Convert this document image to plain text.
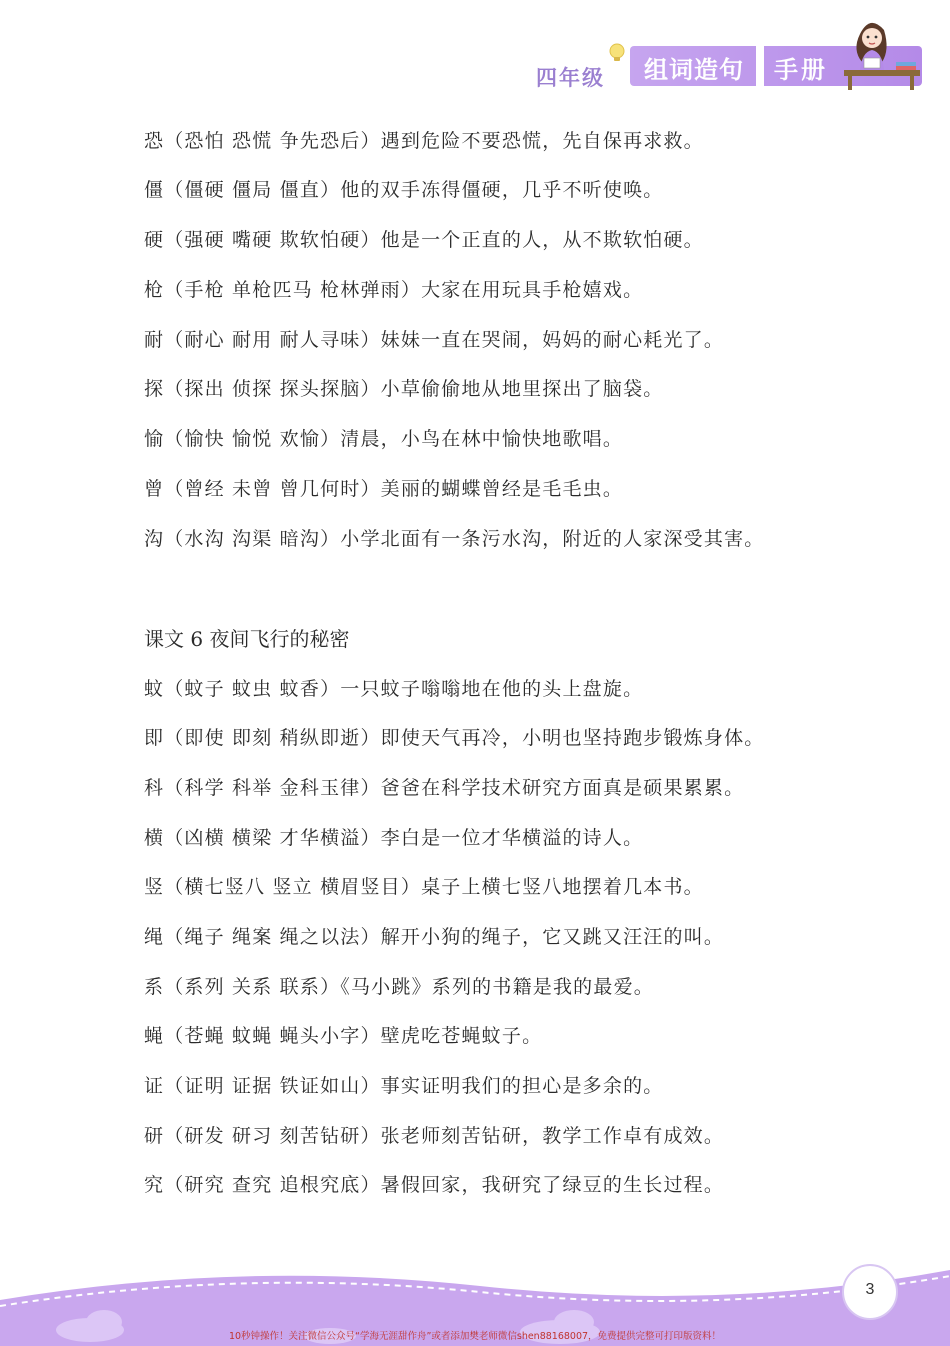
四年级 组词造句 手册
恐（恐怕 恐慌 争先恐后）遇到危险不要恐慌，先自保再求救。
僵（僵硬 僵局 僵直）他的双手冻得僵硬，几乎不听使唤。
硬（强硬 嘴硬 欺软怕硬）他是一个正直的人，从不欺软怕硬。
枪（手枪 单枪匹马 枪林弹雨）大家在用玩具手枪嬉戏。
耐（耐心 耐用 耐人寻味）妹妹一直在哭闹，妈妈的耐心耗光了。
探（探出 侦探 探头探脑）小草偷偷地从地里探出了脑袋。
愉（愉快 愉悦 欢愉）清晨，小鸟在林中愉快地歌唱。
曾（曾经 未曾 曾几何时）美丽的蝴蝶曾经是毛毛虫。
沟（水沟 沟渠 暗沟）小学北面有一条污水沟，附近的人家深受其害。
课文 6 夜间飞行的秘密
蚊（蚊子 蚊虫 蚊香）一只蚊子嗡嗡地在他的头上盘旋。
即（即使 即刻 稍纵即逝）即使天气再冷，小明也坚持跑步锻炼身体。
科（科学 科举 金科玉律）爸爸在科学技术研究方面真是硕果累累。
横（凶横 横梁 才华横溢）李白是一位才华横溢的诗人。
竖（横七竖八 竖立 横眉竖目）桌子上横七竖八地摆着几本书。
绳（绳子 绳案 绳之以法）解开小狗的绳子，它又跳又汪汪的叫。
系（系列 关系 联系）《马小跳》系列的书籍是我的最爱。
蝇（苍蝇 蚊蝇 蝇头小字）壁虎吃苍蝇蚊子。
证（证明 证据 铁证如山）事实证明我们的担心是多余的。
研（研发 研习 刻苦钻研）张老师刻苦钻研，教学工作卓有成效。
究（研究 查究 追根究底）暑假回家，我研究了绿豆的生长过程。
3
10秒钟操作！关注微信公众号“学海无涯甜作舟”或者添加樊老师微信shen88168007，免费提供完整可打印版资料！
